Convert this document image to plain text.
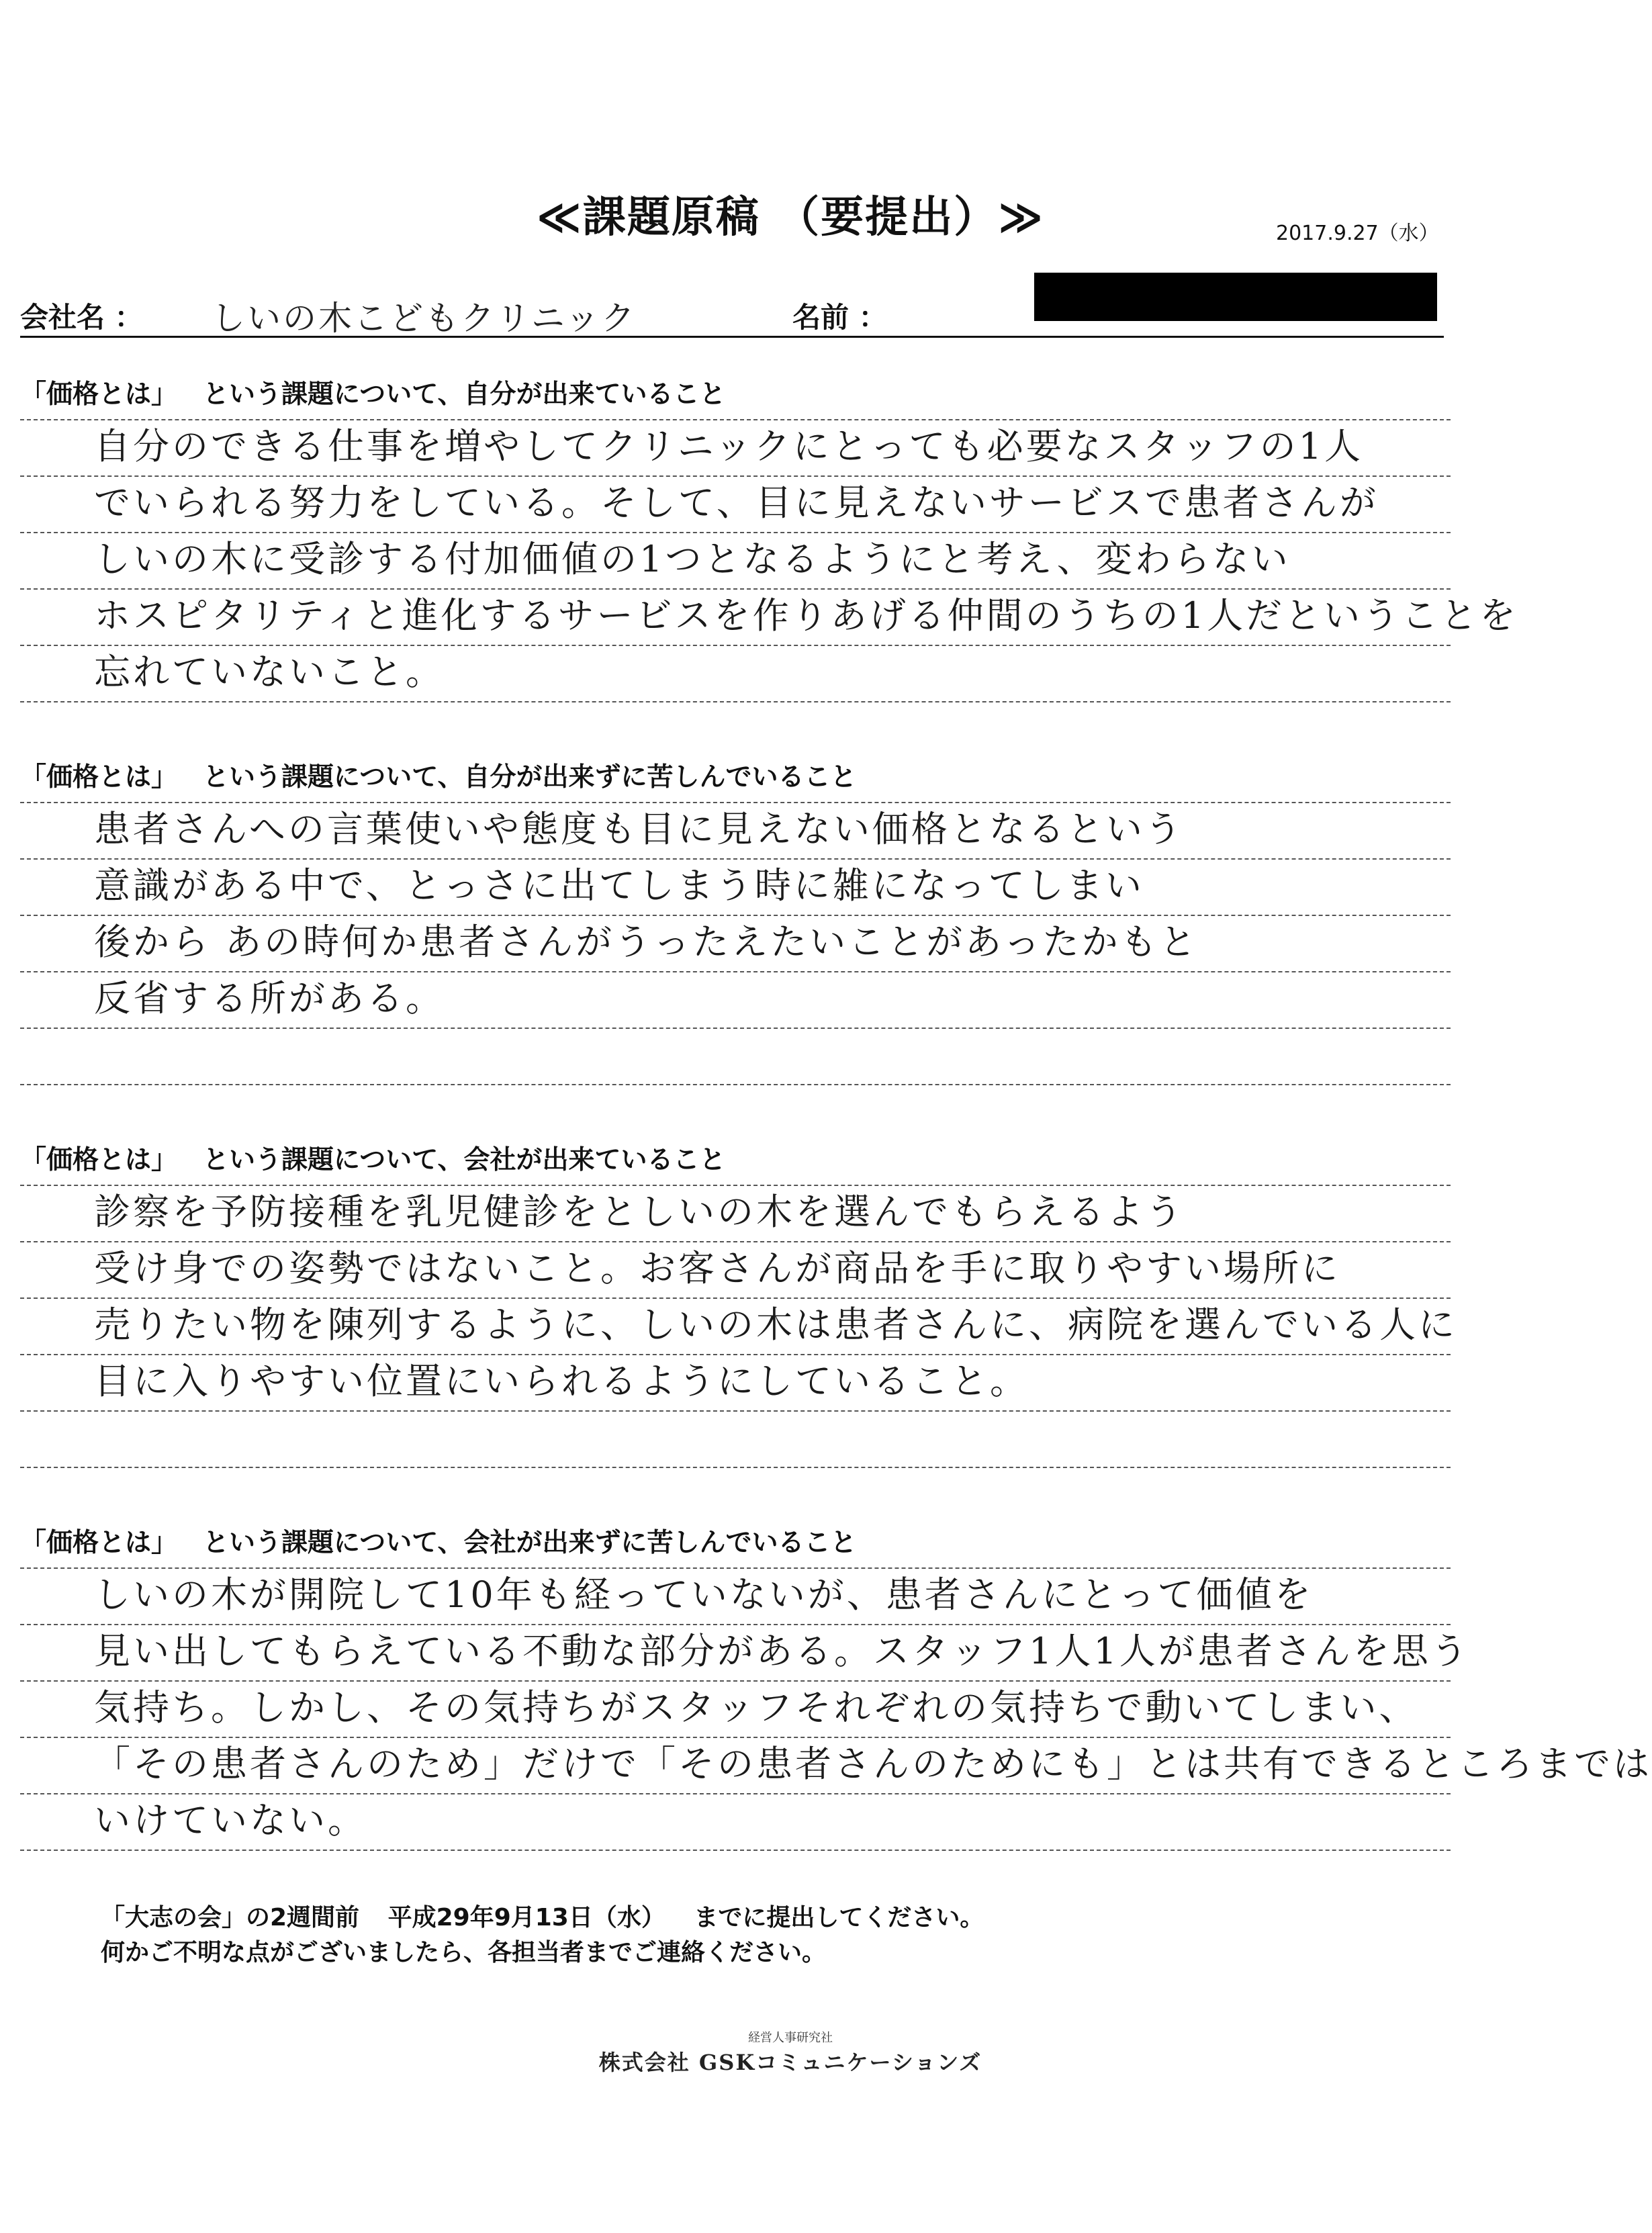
≪課題原稿 （要提出）≫	2017.9.27（水）
会社名 ： しいの木こどもクリニック	名前 ：
「価格とは」 という課題について、自分が出来ていること
自分のできる仕事を増やしてクリニックにとっても必要なスタッフの1人
でいられる努力をしている。そして、目に見えないサービスで患者さんが
しいの木に受診する付加価値の1つとなるようにと考え、変わらない
ホスピタリティと進化するサービスを作りあげる仲間のうちの1人だということを
忘れていないこと。
「価格とは」 という課題について、自分が出来ずに苦しんでいること
患者さんへの言葉使いや態度も目に見えない価格となるという
意識がある中で、とっさに出てしまう時に雑になってしまい
後から あの時何か患者さんがうったえたいことがあったかもと
反省する所がある。
「価格とは」 という課題について、会社が出来ていること
診察を予防接種を乳児健診をとしいの木を選んでもらえるよう
受け身での姿勢ではないこと。お客さんが商品を手に取りやすい場所に
売りたい物を陳列するように、しいの木は患者さんに、病院を選んでいる人に
目に入りやすい位置にいられるようにしていること。
「価格とは」 という課題について、会社が出来ずに苦しんでいること
しいの木が開院して10年も経っていないが、患者さんにとって価値を
見い出してもらえている不動な部分がある。スタッフ1人1人が患者さんを思う
気持ち。しかし、その気持ちがスタッフそれぞれの気持ちで動いてしまい、
「その患者さんのため」だけで「その患者さんのためにも」とは共有できるところまでは
いけていない。
「大志の会」の2週間前 平成29年9月13日（水） までに提出してください。
何かご不明な点がございましたら、各担当者までご連絡ください。
経営人事研究社
株式会社 GSKコミュニケーションズ
